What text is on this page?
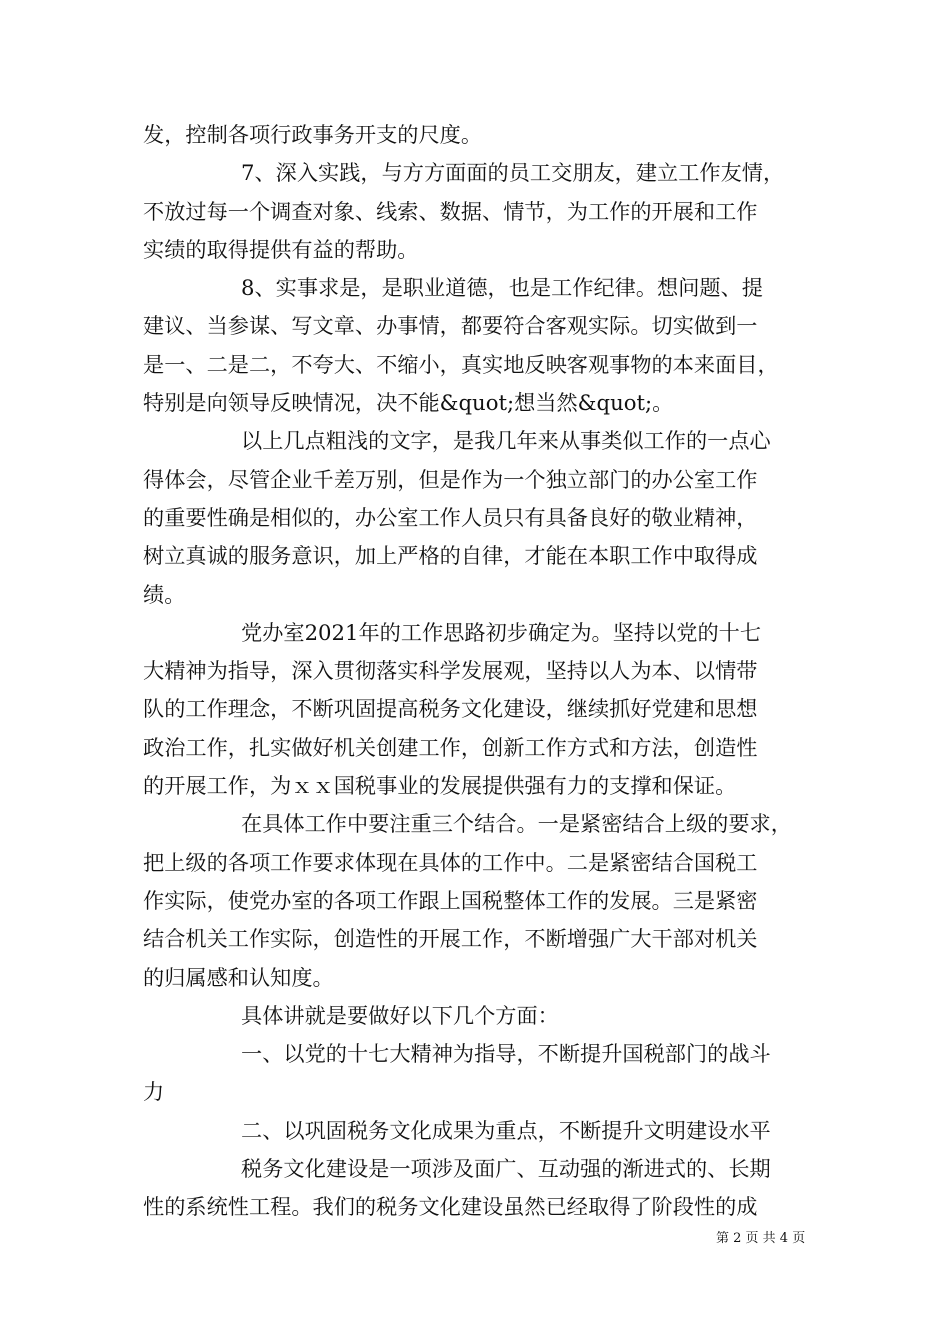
发，控制各项行政事务开支的尺度。
7、深入实践，与方方面面的员工交朋友，建立工作友情，
不放过每一个调查对象、线索、数据、情节，为工作的开展和工作
实绩的取得提供有益的帮助。
8、实事求是，是职业道德，也是工作纪律。想问题、提
建议、当参谋、写文章、办事情，都要符合客观实际。切实做到一
是一、二是二，不夸大、不缩小，真实地反映客观事物的本来面目，
特别是向领导反映情况，决不能&quot;想当然&quot;。
以上几点粗浅的文字，是我几年来从事类似工作的一点心
得体会，尽管企业千差万别，但是作为一个独立部门的办公室工作
的重要性确是相似的，办公室工作人员只有具备良好的敬业精神，
树立真诚的服务意识，加上严格的自律，才能在本职工作中取得成
绩。
党办室2021年的工作思路初步确定为。坚持以党的十七
大精神为指导，深入贯彻落实科学发展观，坚持以人为本、以情带
队的工作理念，不断巩固提高税务文化建设，继续抓好党建和思想
政治工作，扎实做好机关创建工作，创新工作方式和方法，创造性
的开展工作，为ｘｘ国税事业的发展提供强有力的支撑和保证。
在具体工作中要注重三个结合。一是紧密结合上级的要求，
把上级的各项工作要求体现在具体的工作中。二是紧密结合国税工
作实际，使党办室的各项工作跟上国税整体工作的发展。三是紧密
结合机关工作实际，创造性的开展工作，不断增强广大干部对机关
的归属感和认知度。
具体讲就是要做好以下几个方面：
一、以党的十七大精神为指导，不断提升国税部门的战斗
力
二、以巩固税务文化成果为重点，不断提升文明建设水平
税务文化建设是一项涉及面广、互动强的渐进式的、长期
性的系统性工程。我们的税务文化建设虽然已经取得了阶段性的成
第 2 页 共 4 页
